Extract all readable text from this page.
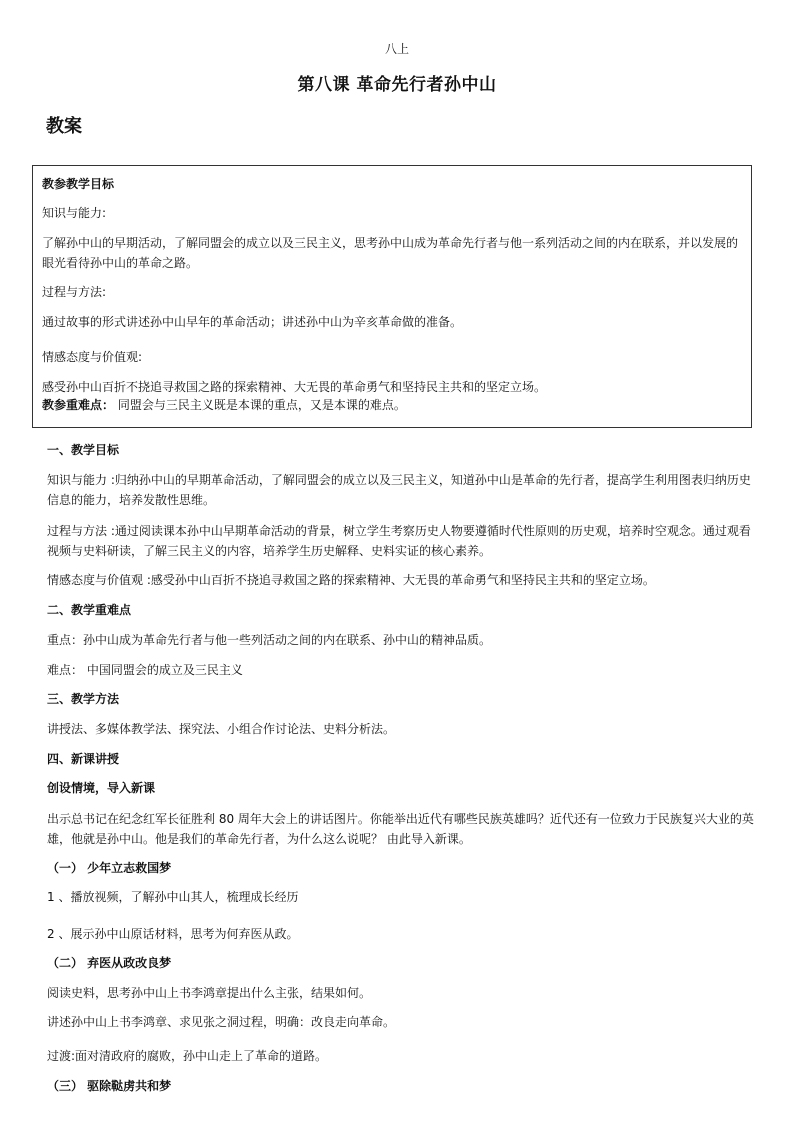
八上
第八课 革命先行者孙中山
教案
教参教学目标
知识与能力:
了解孙中山的早期活动，了解同盟会的成立以及三民主义，思考孙中山成为革命先行者与他一系列活动之间的内在联系，并以发展的眼光看待孙中山的革命之路。
过程与方法:
通过故事的形式讲述孙中山早年的革命活动；讲述孙中山为辛亥革命做的准备。
情感态度与价值观:
感受孙中山百折不挠追寻救国之路的探索精神、大无畏的革命勇气和坚持民主共和的坚定立场。
教参重难点： 同盟会与三民主义既是本课的重点，又是本课的难点。
一、教学目标
知识与能力 :归纳孙中山的早期革命活动，了解同盟会的成立以及三民主义，知道孙中山是革命的先行者，提高学生利用图表归纳历史信息的能力，培养发散性思维。
过程与方法 :通过阅读课本孙中山早期革命活动的背景，树立学生考察历史人物要遵循时代性原则的历史观，培养时空观念。通过观看视频与史料研读，了解三民主义的内容，培养学生历史解释、史料实证的核心素养。
情感态度与价值观 :感受孙中山百折不挠追寻救国之路的探索精神、大无畏的革命勇气和坚持民主共和的坚定立场。
二、教学重难点
重点：孙中山成为革命先行者与他一些列活动之间的内在联系、孙中山的精神品质。
难点： 中国同盟会的成立及三民主义
三、教学方法
讲授法、多媒体教学法、探究法、小组合作讨论法、史料分析法。
四、新课讲授
创设情境，导入新课
出示总书记在纪念红军长征胜利 80 周年大会上的讲话图片。你能举出近代有哪些民族英雄吗？近代还有一位致力于民族复兴大业的英雄，他就是孙中山。他是我们的革命先行者，为什么这么说呢？ 由此导入新课。
（一） 少年立志救国梦
1 、播放视频，了解孙中山其人，梳理成长经历
2 、展示孙中山原话材料，思考为何弃医从政。
（二） 弃医从政改良梦
阅读史料，思考孙中山上书李鸿章提出什么主张，结果如何。
讲述孙中山上书李鸿章、求见张之洞过程，明确：改良走向革命。
过渡:面对清政府的腐败，孙中山走上了革命的道路。
（三） 驱除鞑虏共和梦
